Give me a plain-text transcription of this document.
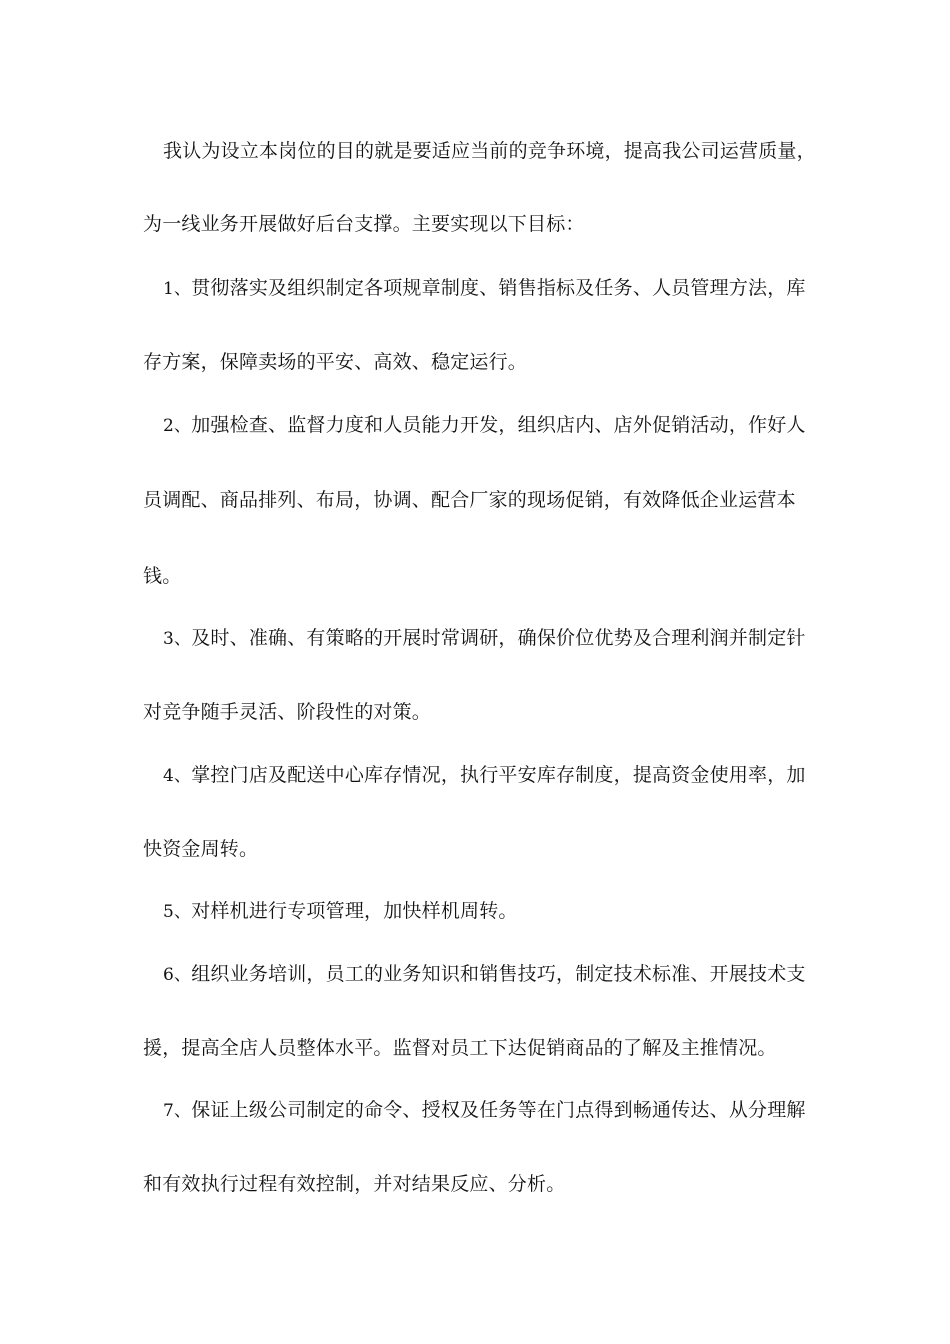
我认为设立本岗位的目的就是要适应当前的竞争环境，提高我公司运营质量，
为一线业务开展做好后台支撑。主要实现以下目标：
1、贯彻落实及组织制定各项规章制度、销售指标及任务、人员管理方法，库
存方案，保障卖场的平安、高效、稳定运行。
2、加强检查、监督力度和人员能力开发，组织店内、店外促销活动，作好人
员调配、商品排列、布局，协调、配合厂家的现场促销，有效降低企业运营本
钱。
3、及时、准确、有策略的开展时常调研，确保价位优势及合理利润并制定针
对竞争随手灵活、阶段性的对策。
4、掌控门店及配送中心库存情况，执行平安库存制度，提高资金使用率，加
快资金周转。
5、对样机进行专项管理，加快样机周转。
6、组织业务培训，员工的业务知识和销售技巧，制定技术标准、开展技术支
援，提高全店人员整体水平。监督对员工下达促销商品的了解及主推情况。
7、保证上级公司制定的命令、授权及任务等在门点得到畅通传达、从分理解
和有效执行过程有效控制，并对结果反应、分析。
